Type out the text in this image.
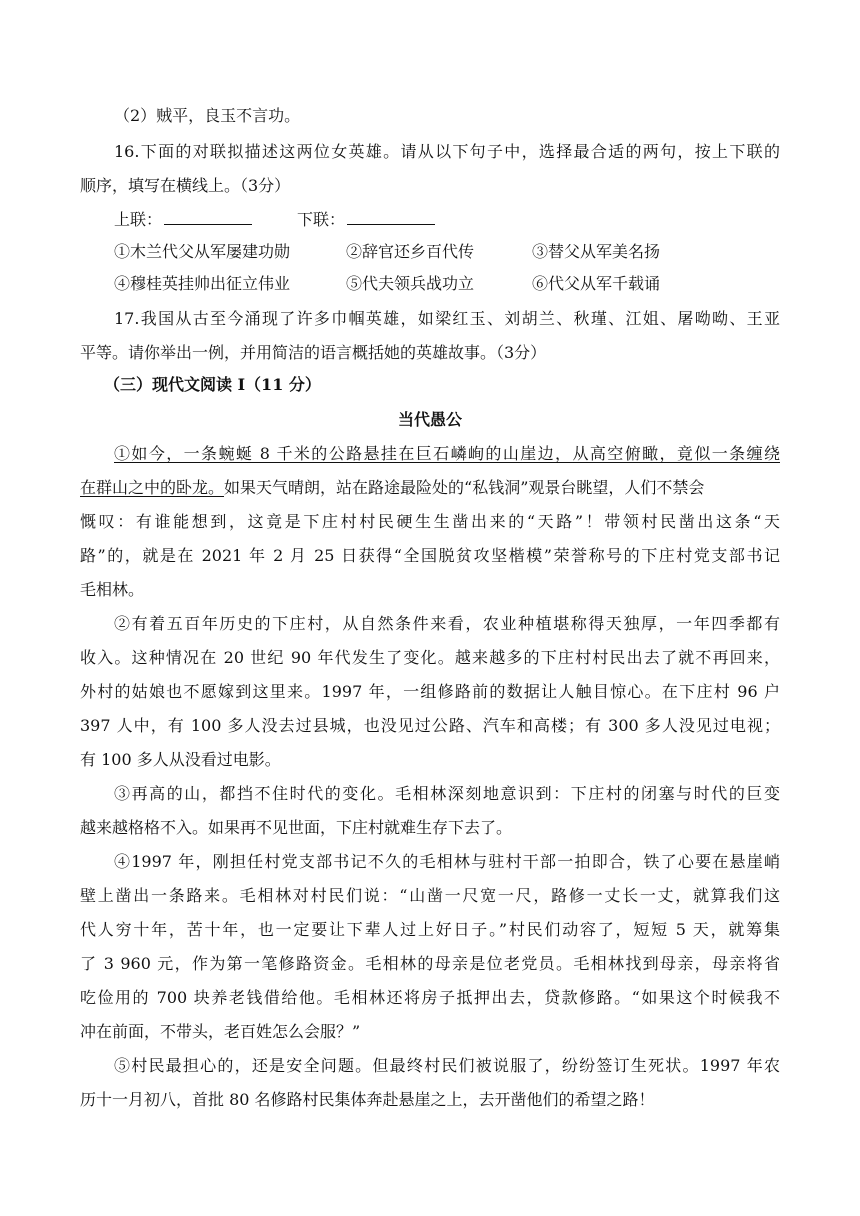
（2）贼平，良玉不言功。
16.下面的对联拟描述这两位女英雄。请从以下句子中，选择最合适的两句，按上下联的
顺序，填写在横线上。（3分）
上联：	下联：
①木兰代父从军屡建功勋	②辞官还乡百代传	③替父从军美名扬
④穆桂英挂帅出征立伟业	⑤代夫领兵战功立	⑥代父从军千载诵
17.我国从古至今涌现了许多巾帼英雄，如梁红玉、刘胡兰、秋瑾、江姐、屠呦呦、王亚
平等。请你举出一例，并用简洁的语言概括她的英雄故事。（3分）
（三）现代文阅读 I（11 分）
当代愚公
①如今，一条蜿蜒 8 千米的公路悬挂在巨石嶙峋的山崖边，从高空俯瞰，竟似一条缠绕
在群山之中的卧龙。如果天气晴朗，站在路途最险处的“私钱洞”观景台眺望，人们不禁会
慨叹：有谁能想到，这竟是下庄村村民硬生生凿出来的“天路”！带领村民凿出这条“天
路”的，就是在 2021 年 2 月 25 日获得“全国脱贫攻坚楷模”荣誉称号的下庄村党支部书记
毛相林。
②有着五百年历史的下庄村，从自然条件来看，农业种植堪称得天独厚，一年四季都有
收入。这种情况在 20 世纪 90 年代发生了变化。越来越多的下庄村村民出去了就不再回来，
外村的姑娘也不愿嫁到这里来。1997 年，一组修路前的数据让人触目惊心。在下庄村 96 户
397 人中，有 100 多人没去过县城，也没见过公路、汽车和高楼；有 300 多人没见过电视；
有 100 多人从没看过电影。
③再高的山，都挡不住时代的变化。毛相林深刻地意识到：下庄村的闭塞与时代的巨变
越来越格格不入。如果再不见世面，下庄村就难生存下去了。
④1997 年，刚担任村党支部书记不久的毛相林与驻村干部一拍即合，铁了心要在悬崖峭
壁上凿出一条路来。毛相林对村民们说：“山凿一尺宽一尺，路修一丈长一丈，就算我们这
代人穷十年，苦十年，也一定要让下辈人过上好日子。”村民们动容了，短短 5 天，就筹集
了 3 960 元，作为第一笔修路资金。毛相林的母亲是位老党员。毛相林找到母亲，母亲将省
吃俭用的 700 块养老钱借给他。毛相林还将房子抵押出去，贷款修路。“如果这个时候我不
冲在前面，不带头，老百姓怎么会服？”
⑤村民最担心的，还是安全问题。但最终村民们被说服了，纷纷签订生死状。1997 年农
历十一月初八，首批 80 名修路村民集体奔赴悬崖之上，去开凿他们的希望之路！
